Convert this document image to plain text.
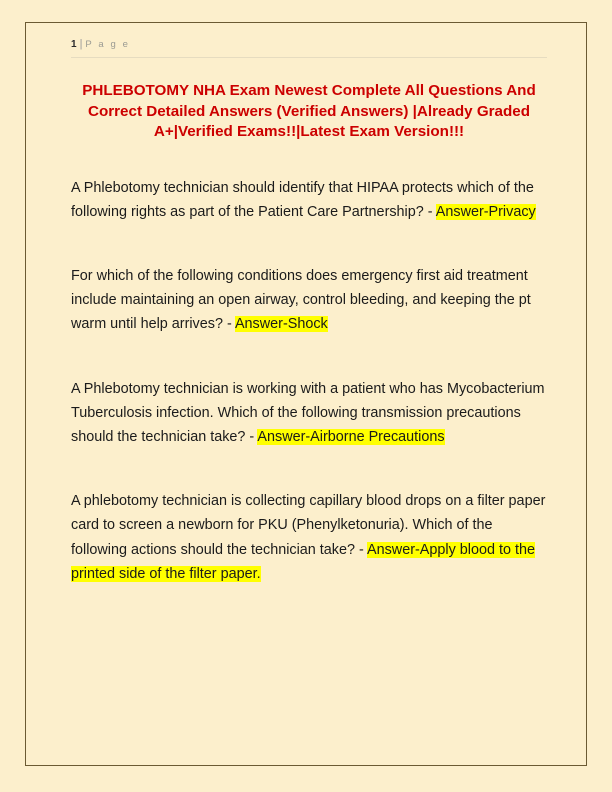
1 | P a g e
PHLEBOTOMY NHA Exam Newest Complete All Questions And Correct Detailed Answers (Verified Answers) |Already Graded A+|Verified Exams!!|Latest Exam Version!!!

A Phlebotomy technician should identify that HIPAA protects which of the following rights as part of the Patient Care Partnership? - Answer-Privacy

For which of the following conditions does emergency first aid treatment include maintaining an open airway, control bleeding, and keeping the pt warm until help arrives? - Answer-Shock

A Phlebotomy technician is working with a patient who has Mycobacterium Tuberculosis infection. Which of the following transmission precautions should the technician take? - Answer-Airborne Precautions

A phlebotomy technician is collecting capillary blood drops on a filter paper card to screen a newborn for PKU (Phenylketonuria). Which of the following actions should the technician take? - Answer-Apply blood to the printed side of the filter paper.
